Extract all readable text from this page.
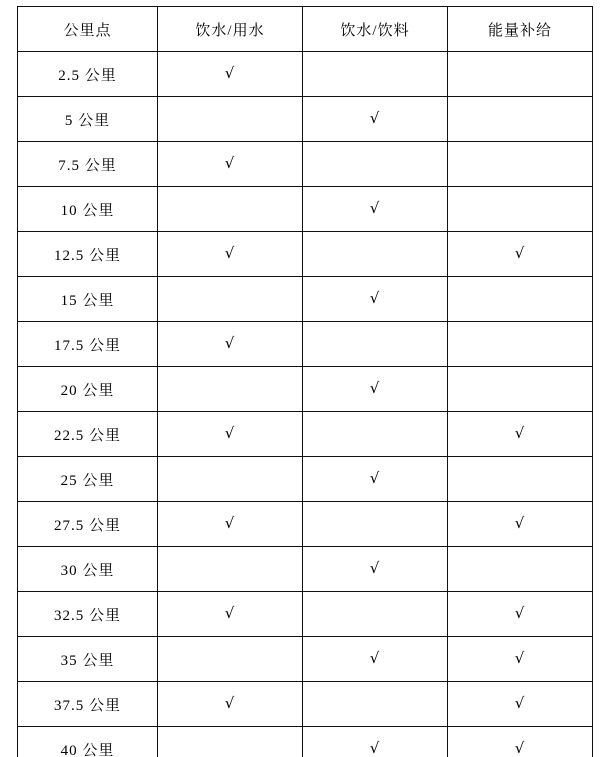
公里点	饮水/用水	饮水/饮料	能量补给
2.5 公里	√		
5 公里		√	
7.5 公里	√		
10 公里		√	
12.5 公里	√		√
15 公里		√	
17.5 公里	√		
20 公里		√	
22.5 公里	√		√
25 公里		√	
27.5 公里	√		√
30 公里		√	
32.5 公里	√		√
35 公里		√	√
37.5 公里	√		√
40 公里		√	√
